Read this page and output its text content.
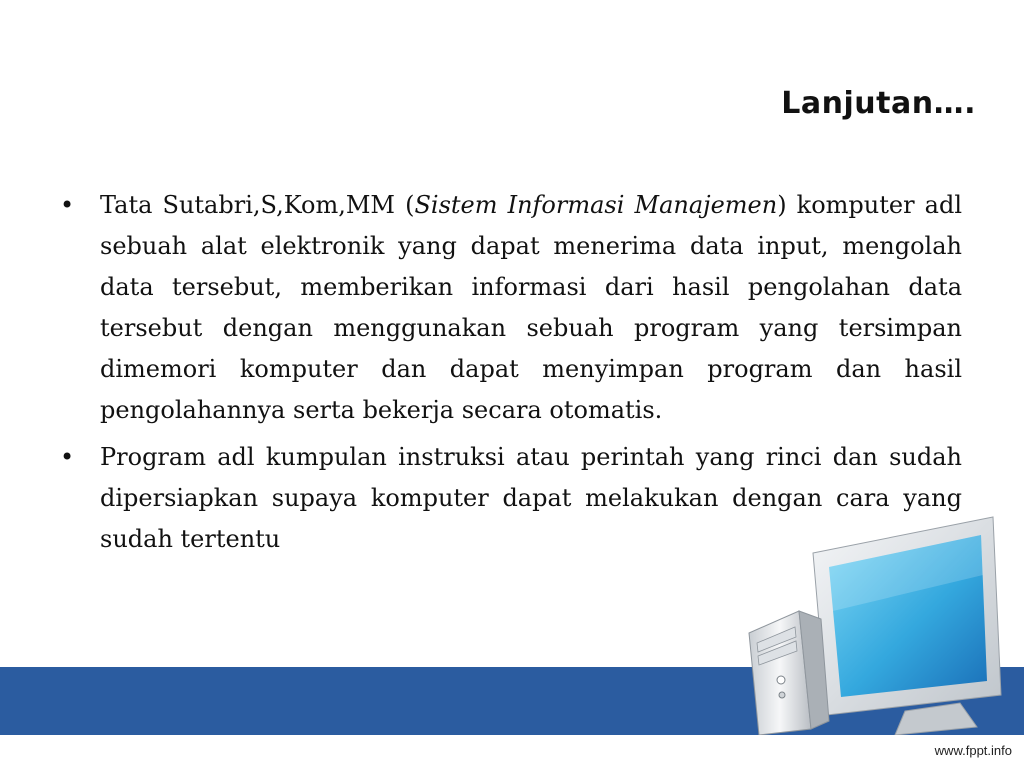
Lanjutan….
• Tata Sutabri,S,Kom,MM (Sistem Informasi Manajemen) komputer adl sebuah alat elektronik yang dapat menerima data input, mengolah data tersebut, memberikan informasi dari hasil pengolahan data tersebut dengan menggunakan sebuah program yang tersimpan dimemori komputer dan dapat menyimpan program dan hasil pengolahannya serta bekerja secara otomatis.
• Program adl kumpulan instruksi atau perintah yang rinci dan sudah dipersiapkan supaya komputer dapat melakukan dengan cara yang sudah tertentu
www.fppt.info
